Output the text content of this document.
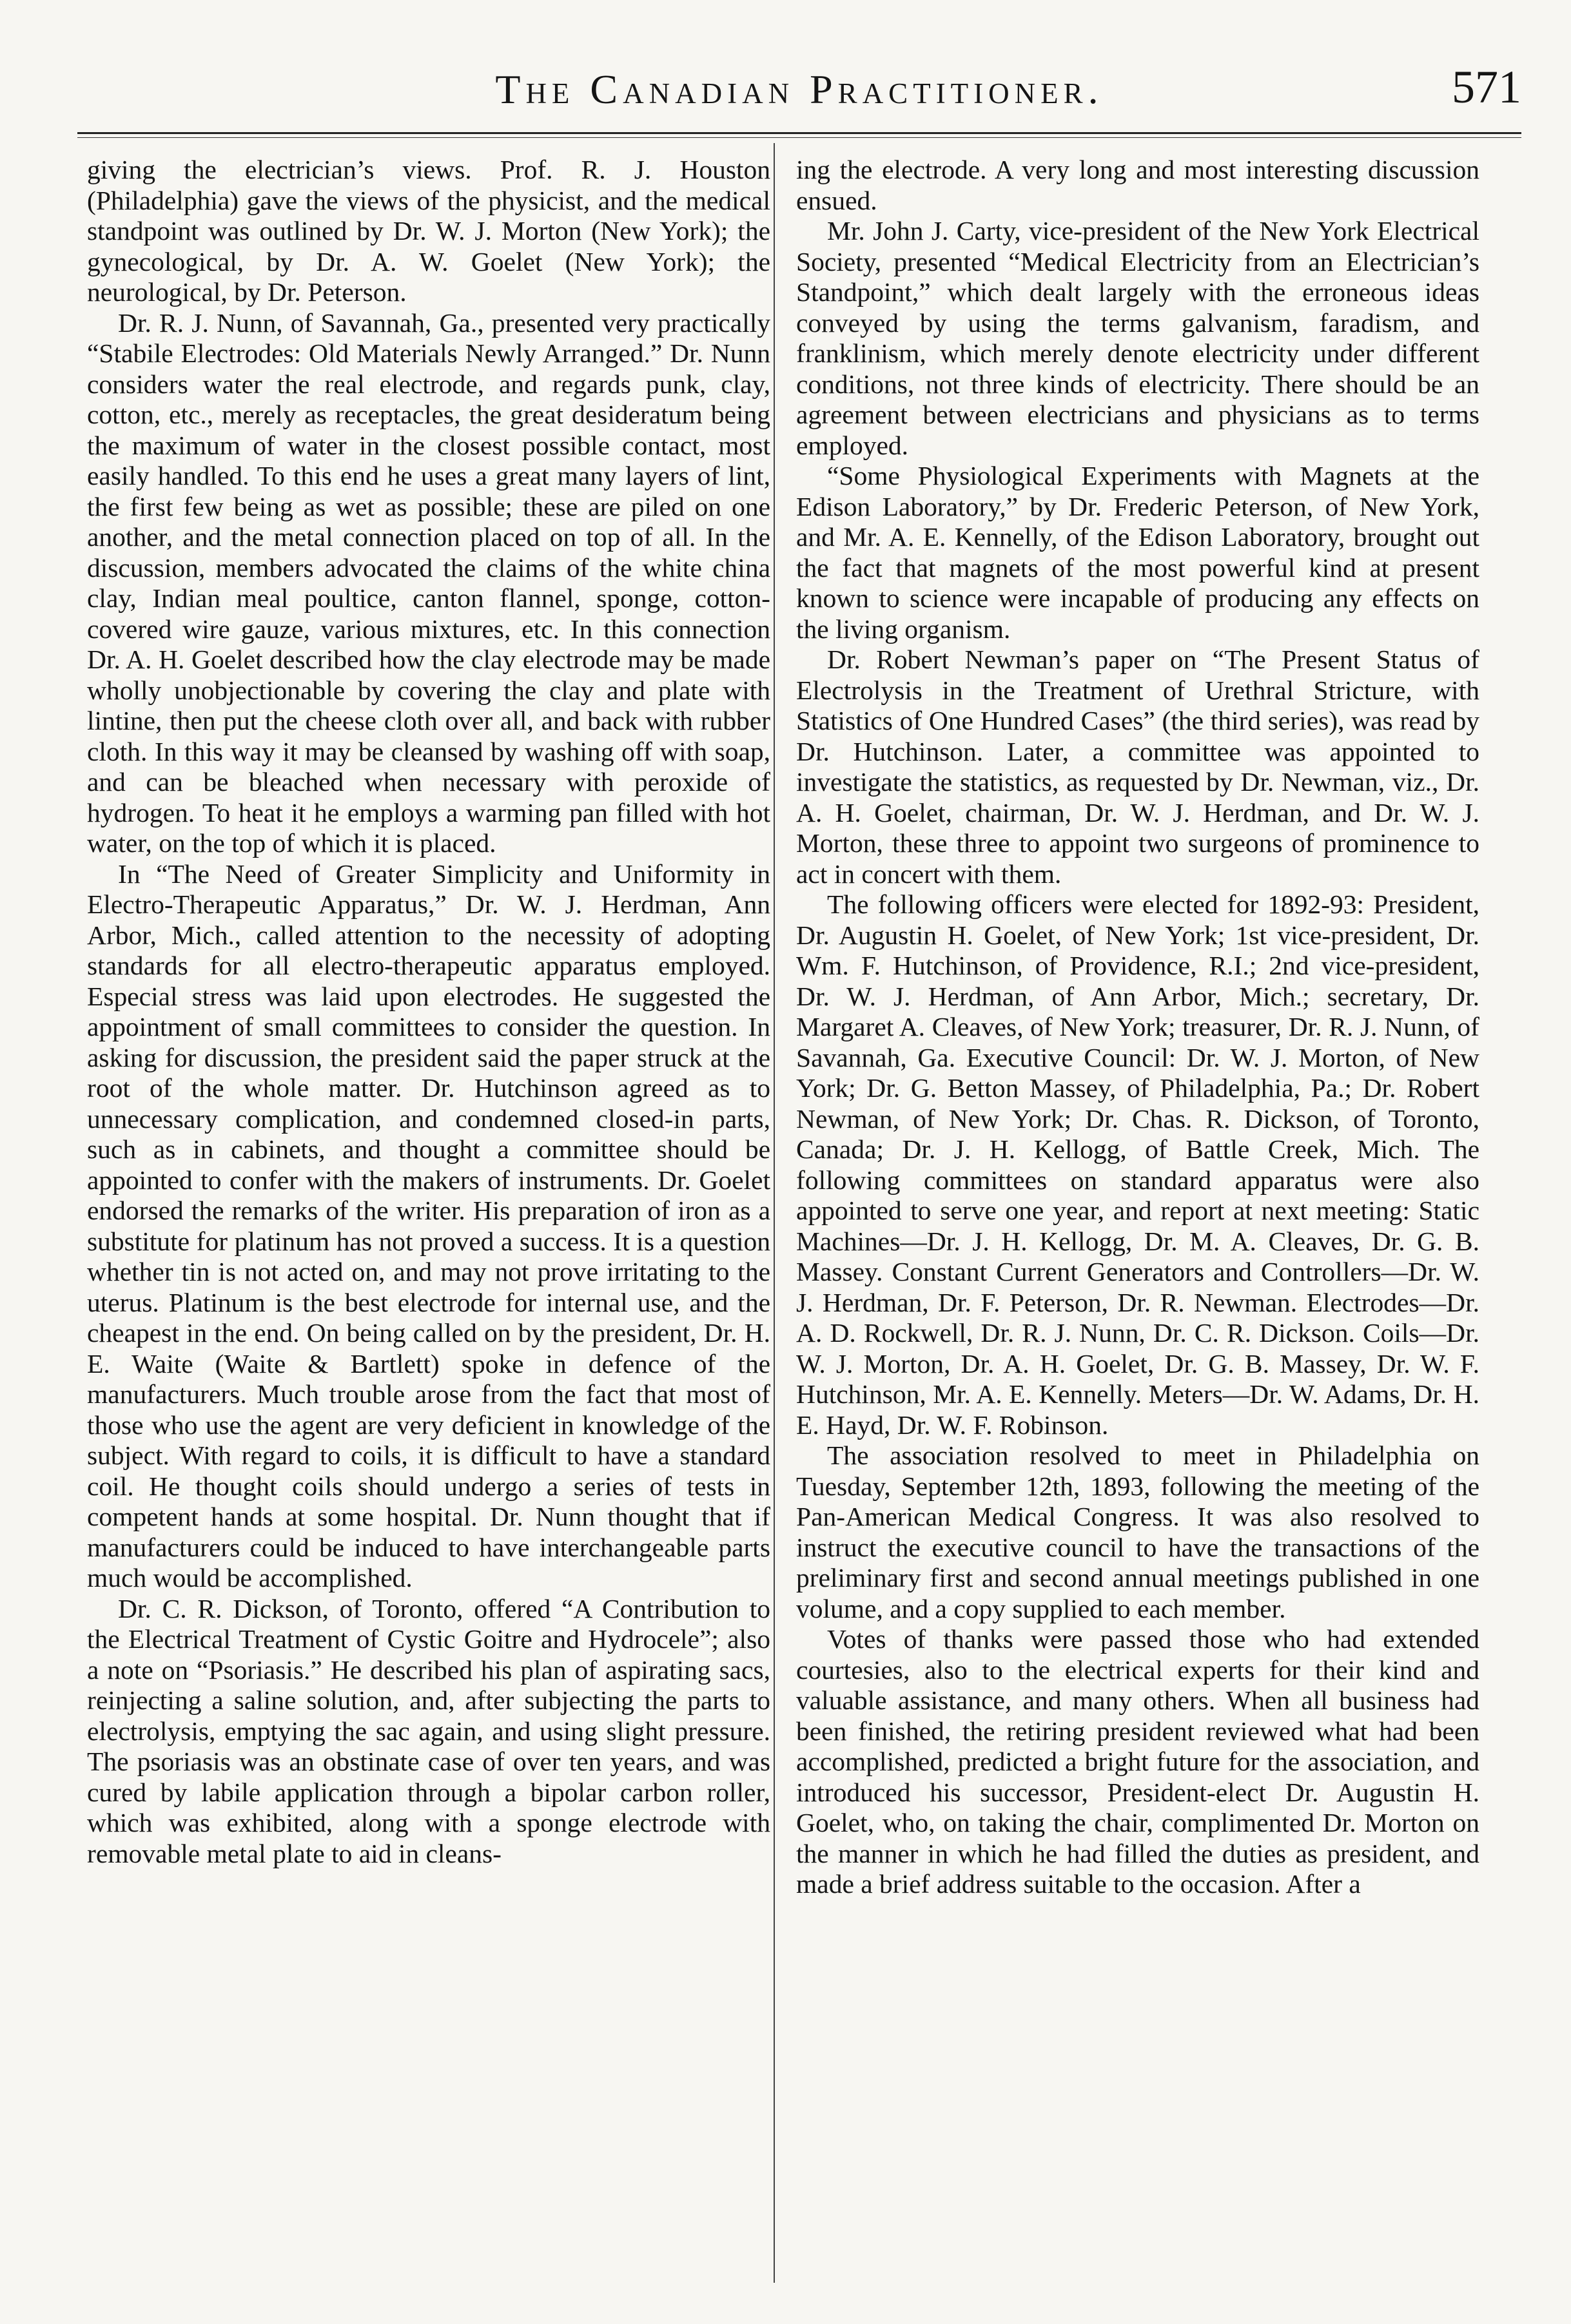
The Canadian Practitioner.	571

giving the electrician’s views. Prof. R. J. Houston (Philadelphia) gave the views of the physicist, and the medical standpoint was outlined by Dr. W. J. Morton (New York); the gynecological, by Dr. A. W. Goelet (New York); the neurological, by Dr. Peterson.

Dr. R. J. Nunn, of Savannah, Ga., presented very practically “Stabile Electrodes: Old Materials Newly Arranged.” Dr. Nunn considers water the real electrode, and regards punk, clay, cotton, etc., merely as receptacles, the great desideratum being the maximum of water in the closest possible contact, most easily handled. To this end he uses a great many layers of lint, the first few being as wet as possible; these are piled on one another, and the metal connection placed on top of all. In the discussion, members advocated the claims of the white china clay, Indian meal poultice, canton flannel, sponge, cotton-covered wire gauze, various mixtures, etc. In this connection Dr. A. H. Goelet described how the clay electrode may be made wholly unobjectionable by covering the clay and plate with lintine, then put the cheese cloth over all, and back with rubber cloth. In this way it may be cleansed by washing off with soap, and can be bleached when necessary with peroxide of hydrogen. To heat it he employs a warming pan filled with hot water, on the top of which it is placed.

In “The Need of Greater Simplicity and Uniformity in Electro-Therapeutic Apparatus,” Dr. W. J. Herdman, Ann Arbor, Mich., called attention to the necessity of adopting standards for all electro-therapeutic apparatus employed. Especial stress was laid upon electrodes. He suggested the appointment of small committees to consider the question. In asking for discussion, the president said the paper struck at the root of the whole matter. Dr. Hutchinson agreed as to unnecessary complication, and condemned closed-in parts, such as in cabinets, and thought a committee should be appointed to confer with the makers of instruments. Dr. Goelet endorsed the remarks of the writer. His preparation of iron as a substitute for platinum has not proved a success. It is a question whether tin is not acted on, and may not prove irritating to the uterus. Platinum is the best electrode for internal use, and the cheapest in the end. On being called on by the president, Dr. H. E. Waite (Waite & Bartlett) spoke in defence of the manufacturers. Much trouble arose from the fact that most of those who use the agent are very deficient in knowledge of the subject. With regard to coils, it is difficult to have a standard coil. He thought coils should undergo a series of tests in competent hands at some hospital. Dr. Nunn thought that if manufacturers could be induced to have interchangeable parts much would be accomplished.

Dr. C. R. Dickson, of Toronto, offered “A Contribution to the Electrical Treatment of Cystic Goitre and Hydrocele”; also a note on “Psoriasis.” He described his plan of aspirating sacs, reinjecting a saline solution, and, after subjecting the parts to electrolysis, emptying the sac again, and using slight pressure. The psoriasis was an obstinate case of over ten years, and was cured by labile application through a bipolar carbon roller, which was exhibited, along with a sponge electrode with removable metal plate to aid in cleans-

ing the electrode. A very long and most interesting discussion ensued.

Mr. John J. Carty, vice-president of the New York Electrical Society, presented “Medical Electricity from an Electrician’s Standpoint,” which dealt largely with the erroneous ideas conveyed by using the terms galvanism, faradism, and franklinism, which merely denote electricity under different conditions, not three kinds of electricity. There should be an agreement between electricians and physicians as to terms employed.

“Some Physiological Experiments with Magnets at the Edison Laboratory,” by Dr. Frederic Peterson, of New York, and Mr. A. E. Kennelly, of the Edison Laboratory, brought out the fact that magnets of the most powerful kind at present known to science were incapable of producing any effects on the living organism.

Dr. Robert Newman’s paper on “The Present Status of Electrolysis in the Treatment of Urethral Stricture, with Statistics of One Hundred Cases” (the third series), was read by Dr. Hutchinson. Later, a committee was appointed to investigate the statistics, as requested by Dr. Newman, viz., Dr. A. H. Goelet, chairman, Dr. W. J. Herdman, and Dr. W. J. Morton, these three to appoint two surgeons of prominence to act in concert with them.

The following officers were elected for 1892-93: President, Dr. Augustin H. Goelet, of New York; 1st vice-president, Dr. Wm. F. Hutchinson, of Providence, R.I.; 2nd vice-president, Dr. W. J. Herdman, of Ann Arbor, Mich.; secretary, Dr. Margaret A. Cleaves, of New York; treasurer, Dr. R. J. Nunn, of Savannah, Ga. Executive Council: Dr. W. J. Morton, of New York; Dr. G. Betton Massey, of Philadelphia, Pa.; Dr. Robert Newman, of New York; Dr. Chas. R. Dickson, of Toronto, Canada; Dr. J. H. Kellogg, of Battle Creek, Mich. The following committees on standard apparatus were also appointed to serve one year, and report at next meeting: Static Machines—Dr. J. H. Kellogg, Dr. M. A. Cleaves, Dr. G. B. Massey. Constant Current Generators and Controllers—Dr. W. J. Herdman, Dr. F. Peterson, Dr. R. Newman. Electrodes—Dr. A. D. Rockwell, Dr. R. J. Nunn, Dr. C. R. Dickson. Coils—Dr. W. J. Morton, Dr. A. H. Goelet, Dr. G. B. Massey, Dr. W. F. Hutchinson, Mr. A. E. Kennelly. Meters—Dr. W. Adams, Dr. H. E. Hayd, Dr. W. F. Robinson.

The association resolved to meet in Philadelphia on Tuesday, September 12th, 1893, following the meeting of the Pan-American Medical Congress. It was also resolved to instruct the executive council to have the transactions of the preliminary first and second annual meetings published in one volume, and a copy supplied to each member.

Votes of thanks were passed those who had extended courtesies, also to the electrical experts for their kind and valuable assistance, and many others. When all business had been finished, the retiring president reviewed what had been accomplished, predicted a bright future for the association, and introduced his successor, President-elect Dr. Augustin H. Goelet, who, on taking the chair, complimented Dr. Morton on the manner in which he had filled the duties as president, and made a brief address suitable to the occasion. After a
